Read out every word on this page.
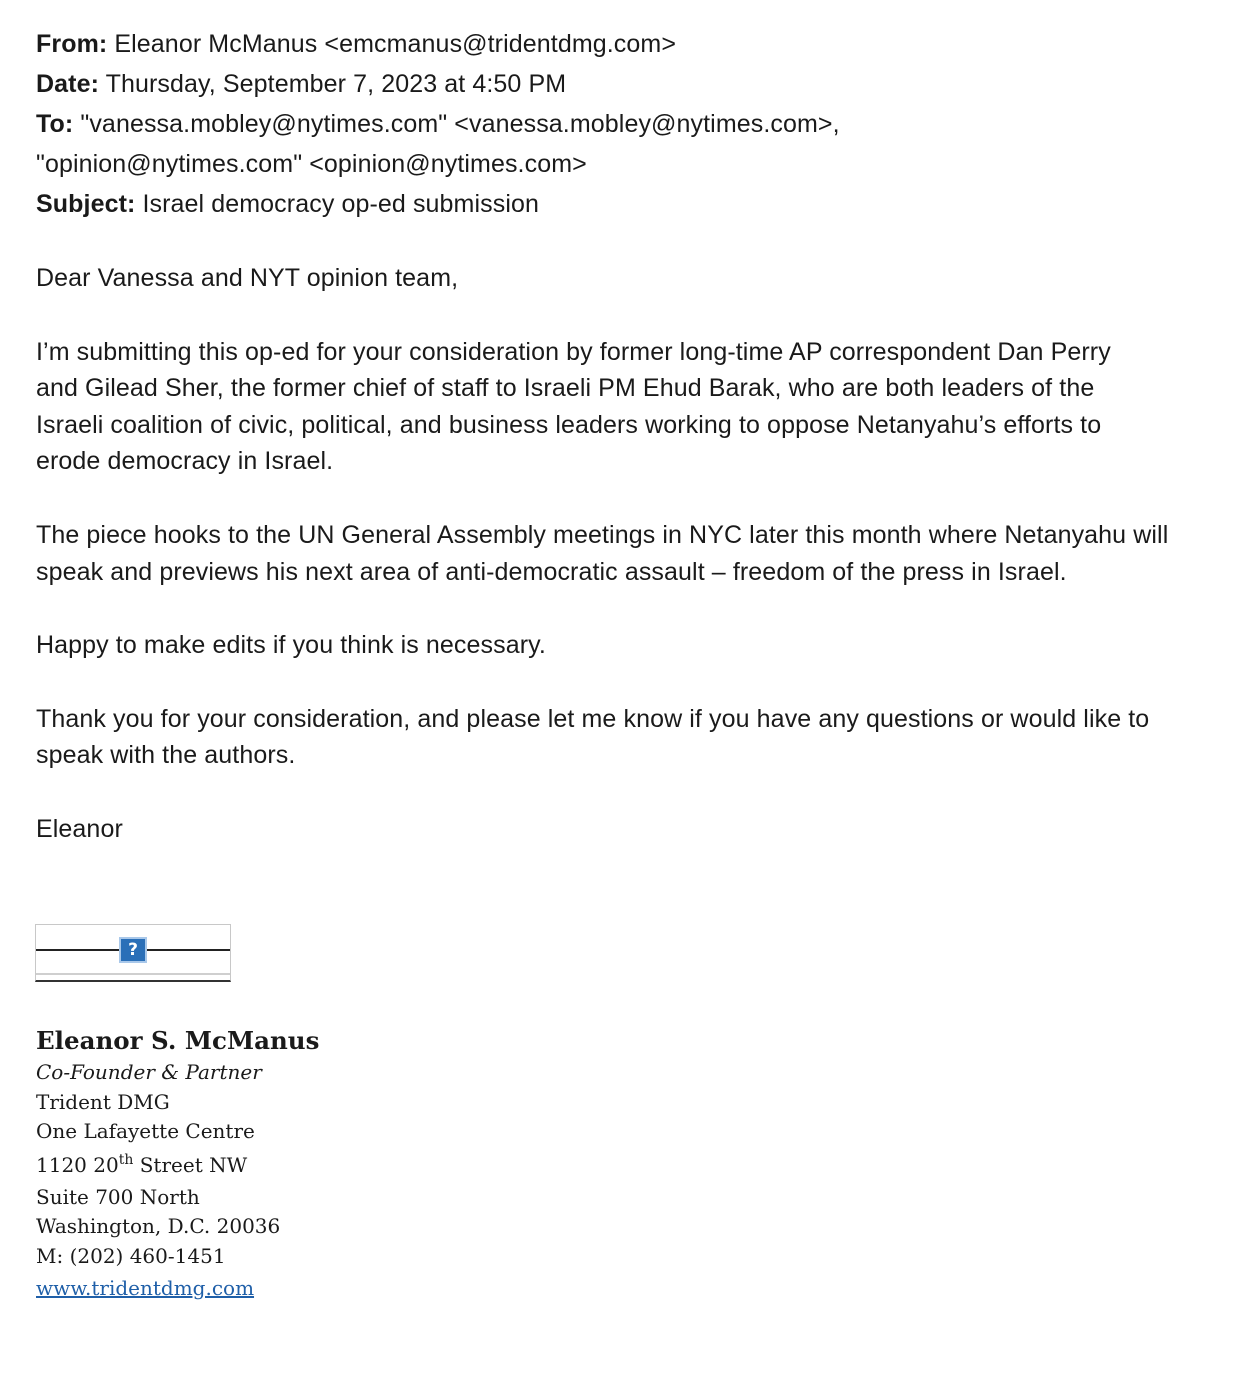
From: Eleanor McManus <emcmanus@tridentdmg.com>
Date: Thursday, September 7, 2023 at 4:50 PM
To: "vanessa.mobley@nytimes.com" <vanessa.mobley@nytimes.com>,
"opinion@nytimes.com" <opinion@nytimes.com>
Subject: Israel democracy op-ed submission

Dear Vanessa and NYT opinion team,

I’m submitting this op-ed for your consideration by former long-time AP correspondent Dan Perry
and Gilead Sher, the former chief of staff to Israeli PM Ehud Barak, who are both leaders of the
Israeli coalition of civic, political, and business leaders working to oppose Netanyahu’s efforts to
erode democracy in Israel.
The piece hooks to the UN General Assembly meetings in NYC later this month where Netanyahu will
speak and previews his next area of anti-democratic assault – freedom of the press in Israel.

Happy to make edits if you think is necessary.

Thank you for your consideration, and please let me know if you have any questions or would like to
speak with the authors.

Eleanor

?
Eleanor S. McManus
Co-Founder & Partner
Trident DMG
One Lafayette Centre
1120 20th Street NW
Suite 700 North
Washington, D.C. 20036
M: (202) 460-1451
www.tridentdmg.com
